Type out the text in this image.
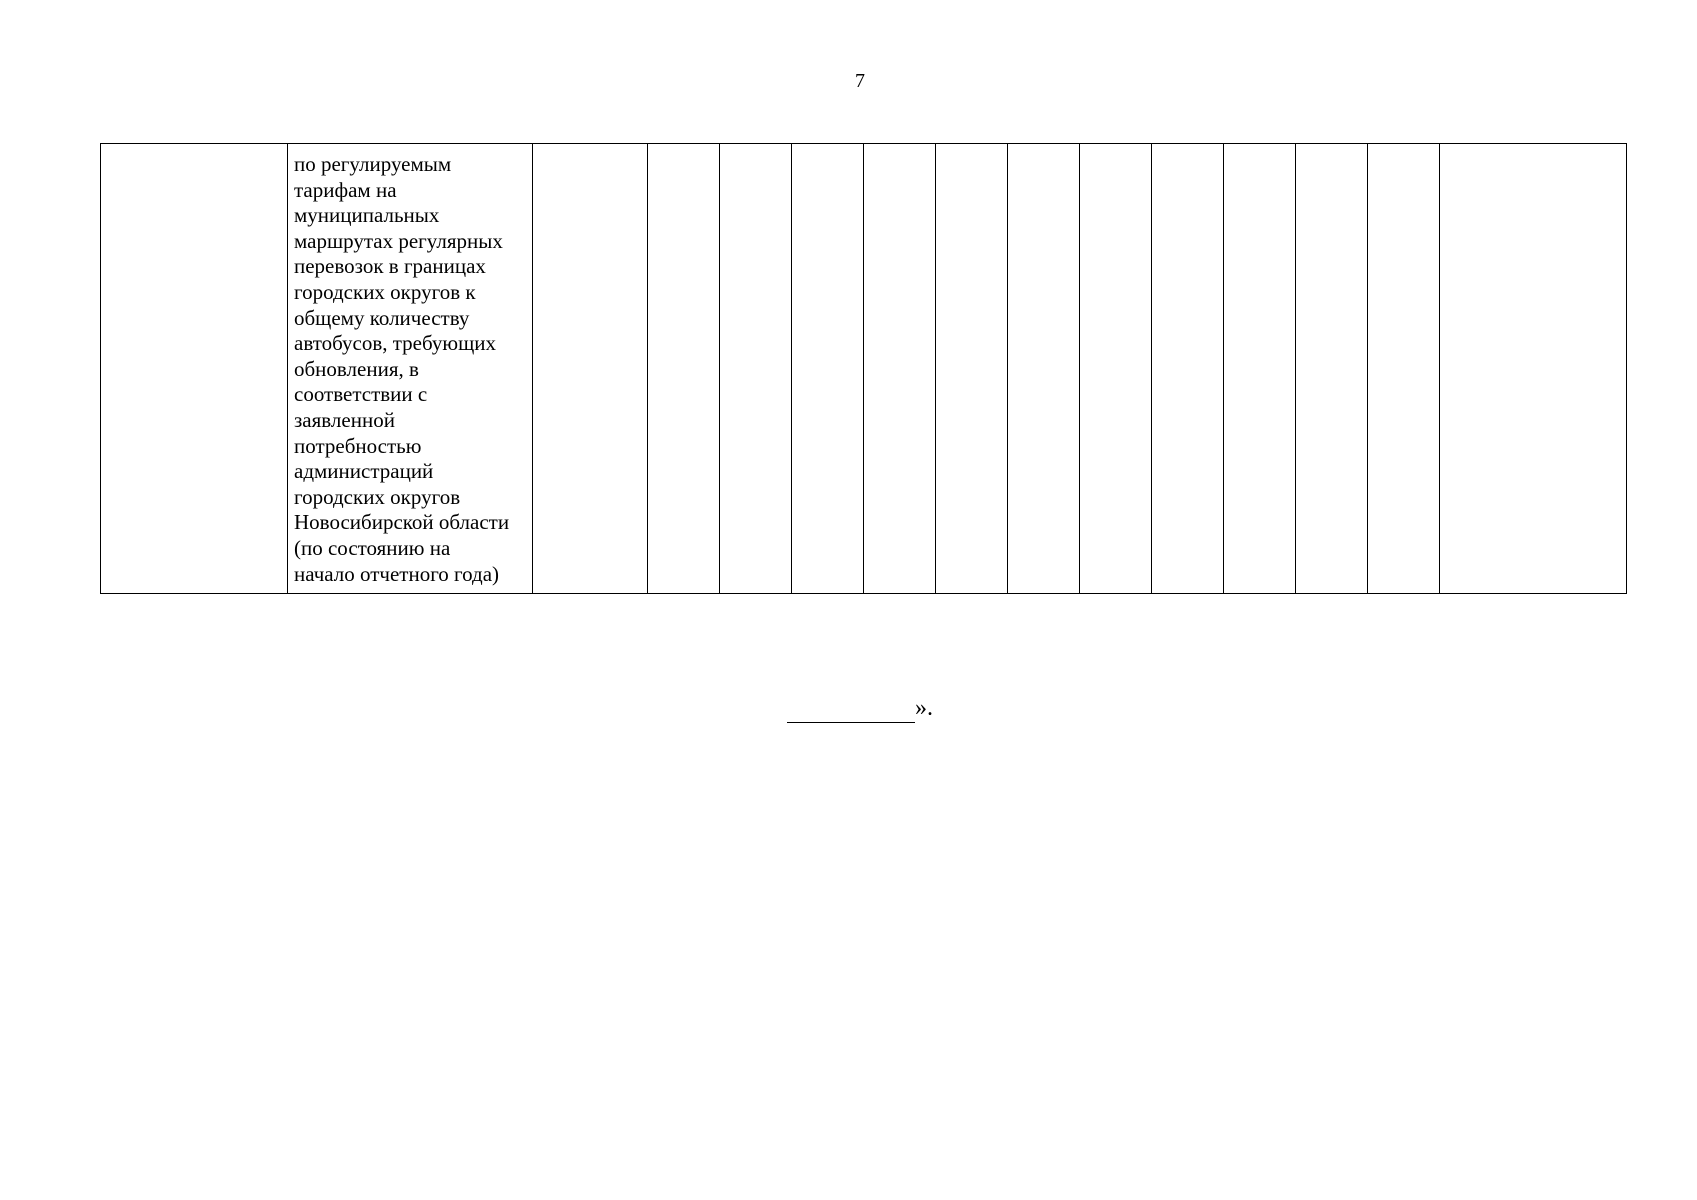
7

по регулируемым
тарифам на
муниципальных
маршрутах регулярных
перевозок в границах
городских округов к
общему количеству
автобусов, требующих
обновления, в
соответствии с
заявленной
потребностью
администраций
городских округов
Новосибирской области
(по состоянию на
начало отчетного года)

».
